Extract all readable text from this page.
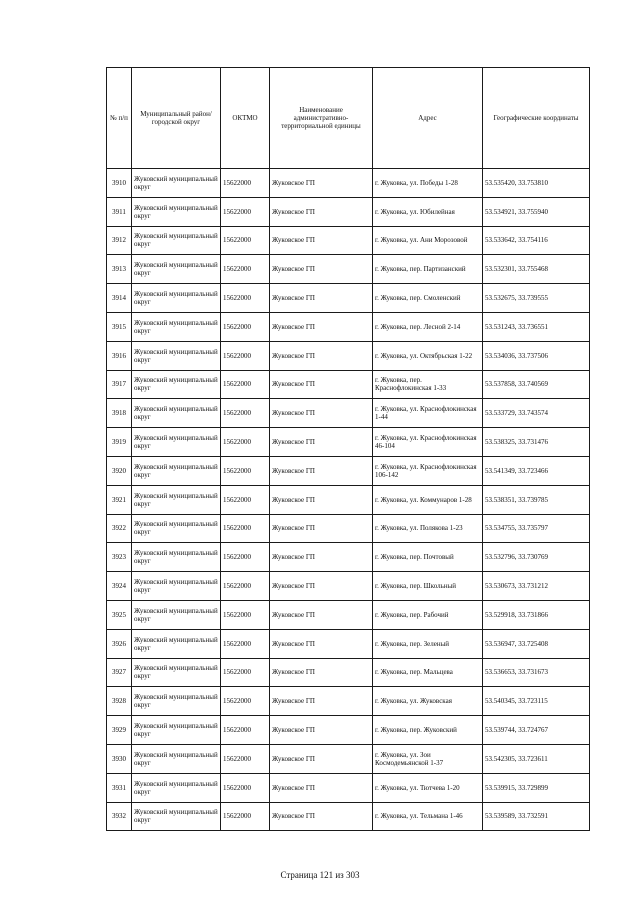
№ п/п	Муниципальный район/городской округ	ОКТМО	Наименование административно-территориальной единицы	Адрес	Географические координаты
3910	Жуковский муниципальный округ	15622000	Жуковское ГП	г. Жуковка, ул. Победы 1-28	53.535420, 33.753810
3911	Жуковский муниципальный округ	15622000	Жуковское ГП	г. Жуковка, ул. Юбилейная	53.534921, 33.755940
3912	Жуковский муниципальный округ	15622000	Жуковское ГП	г. Жуковка, ул. Ани Морозовой	53.533642, 33.754116
3913	Жуковский муниципальный округ	15622000	Жуковское ГП	г. Жуковка, пер. Партизанский	53.532301, 33.755468
3914	Жуковский муниципальный округ	15622000	Жуковское ГП	г. Жуковка, пер. Смоленский	53.532675, 33.739555
3915	Жуковский муниципальный округ	15622000	Жуковское ГП	г. Жуковка, пер. Лесной 2-14	53.531243, 33.736551
3916	Жуковский муниципальный округ	15622000	Жуковское ГП	г. Жуковка, ул. Октябрьская 1-22	53.534036, 33.737506
3917	Жуковский муниципальный округ	15622000	Жуковское ГП	г. Жуковка, пер. Краснофлокинская 1-33	53.537858, 33.740569
3918	Жуковский муниципальный округ	15622000	Жуковское ГП	г. Жуковка, ул. Краснофлокинская 1-44	53.533729, 33.743574
3919	Жуковский муниципальный округ	15622000	Жуковское ГП	г. Жуковка, ул. Краснофлокинская 46-104	53.538325, 33.731476
3920	Жуковский муниципальный округ	15622000	Жуковское ГП	г. Жуковка, ул. Краснофлокинская 106-142	53.541349, 33.723466
3921	Жуковский муниципальный округ	15622000	Жуковское ГП	г. Жуковка, ул. Коммунаров 1-28	53.538351, 33.739785
3922	Жуковский муниципальный округ	15622000	Жуковское ГП	г. Жуковка, ул. Полякова 1-23	53.534755, 33.735797
3923	Жуковский муниципальный округ	15622000	Жуковское ГП	г. Жуковка, пер. Почтовый	53.532796, 33.730769
3924	Жуковский муниципальный округ	15622000	Жуковское ГП	г. Жуковка, пер. Школьный	53.530673, 33.731212
3925	Жуковский муниципальный округ	15622000	Жуковское ГП	г. Жуковка, пер. Рабочий	53.529918, 33.731866
3926	Жуковский муниципальный округ	15622000	Жуковское ГП	г. Жуковка, пер. Зеленый	53.536947, 33.725408
3927	Жуковский муниципальный округ	15622000	Жуковское ГП	г. Жуковка, пер. Мальцева	53.536653, 33.731673
3928	Жуковский муниципальный округ	15622000	Жуковское ГП	г. Жуковка, ул. Жуковская	53.540345, 33.723115
3929	Жуковский муниципальный округ	15622000	Жуковское ГП	г. Жуковка, пер. Жуковский	53.539744, 33.724767
3930	Жуковский муниципальный округ	15622000	Жуковское ГП	г. Жуковка, ул. Зои Космодемьянской 1-37	53.542305, 33.723611
3931	Жуковский муниципальный округ	15622000	Жуковское ГП	г. Жуковка, ул. Тютчева 1-20	53.539915, 33.729899
3932	Жуковский муниципальный округ	15622000	Жуковское ГП	г. Жуковка, ул. Тельмана 1-46	53.539589, 33.732591
Страница 121 из 303
